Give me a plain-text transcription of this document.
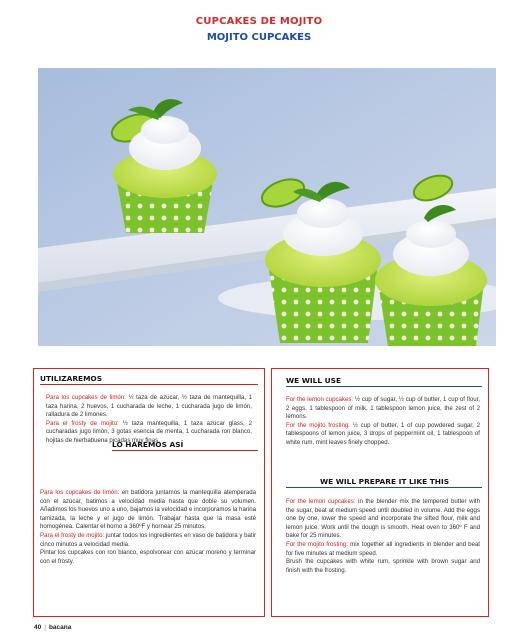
CUPCAKES DE MOJITO
MOJITO CUPCAKES
UTILIZAREMOS

Para los cupcakes de limón: ½ taza de azúcar, ½ taza de mantequilla, 1 taza harina, 2 huevos, 1 cucharada de leche, 1 cucharada jugo de limón, ralladura de 2 limones.

Para el frosty de mojito: ½ taza mantequilla, 1 taza azúcar glass, 2 cucharadas jugo limón, 3 gotas esencia de menta, 1 cucharada ron blanco, hojitas de hierbabuena picadas muy finas.

LO HAREMOS ASÍ

Para los cupcakes de limón: en batidora juntamos la mantequilla atemperada con el azúcar, batimos a velocidad media hasta que doble su volumen. Añadimos los huevos uno a uno, bajamos la velocidad e incorporamos la harina tamizada, la leche y el jugo de limón. Trabajar hasta que la masa esté homogénea. Calentar el horno a 360ºF y hornear 25 minutos.

Para el frosty de mojito: juntar todos los ingredientes en vaso de batidora y batir cinco minutos a velocidad media.

Pintar los cupcakes con ron blanco, espolvorear con azúcar moreno y terminar con el frosty.

WE WILL USE

For the lemon cupcakes: ½ cup of sugar, ½ cup of butter, 1 cup of flour, 2 eggs, 1 tablespoon of milk, 1 tablespoon lemon juice, the zest of 2 lemons.

For the mojito frosting: ½ cup of butter, 1 of cup powdered sugar, 2 tablespoons of lemon juice, 3 drops of peppermint oil, 1 tablespoon of white rum, mint leaves finely chopped.

WE WILL PREPARE IT LIKE THIS

For the lemon cupcakes: in the blender mix the tempered butter with the sugar, beat at medium speed until doubled in volume. Add the eggs one by one, lower the speed and incorporate the sifted flour, milk and lemon juice. Work until the dough is smooth. Heat oven to 360º F and bake for 25 minutes.

For the mojito frosting: mix together all ingredients in blender and beat for five minutes at medium speed.

Brush the cupcakes with white rum, sprinkle with brown sugar and finish with the frosting.

40 | bacana
